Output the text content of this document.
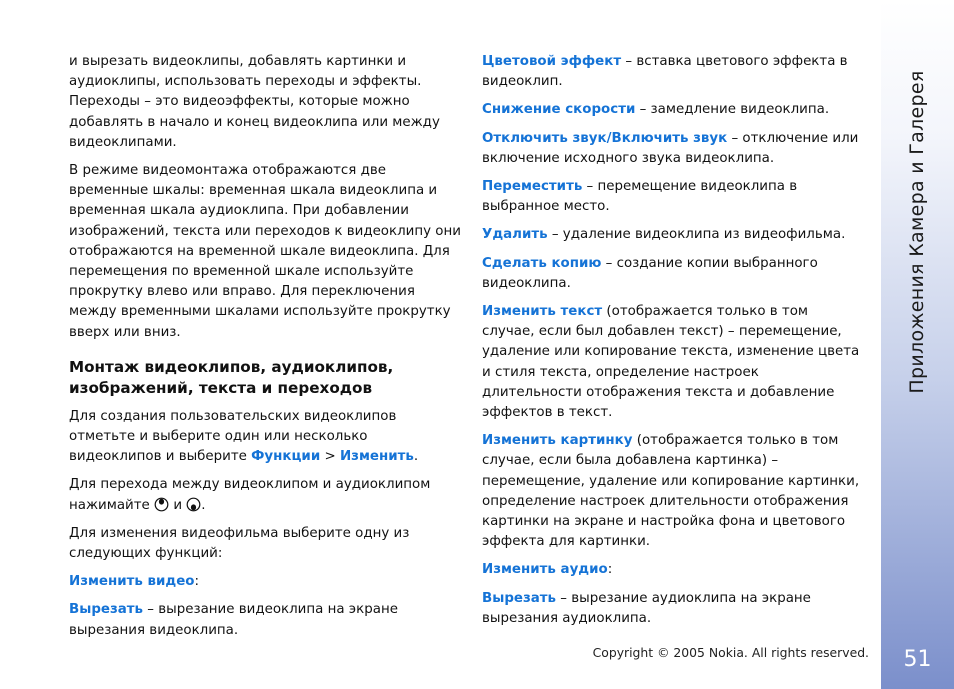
и вырезать видеоклипы, добавлять картинки и аудиоклипы, использовать переходы и эффекты. Переходы – это видеоэффекты, которые можно добавлять в начало и конец видеоклипа или между видеоклипами.

В режиме видеомонтажа отображаются две временные шкалы: временная шкала видеоклипа и временная шкала аудиоклипа. При добавлении изображений, текста или переходов к видеоклипу они отображаются на временной шкале видеоклипа. Для перемещения по временной шкале используйте прокрутку влево или вправо. Для переключения между временными шкалами используйте прокрутку вверх или вниз.

Монтаж видеоклипов, аудиоклипов, изображений, текста и переходов

Для создания пользовательских видеоклипов отметьте и выберите один или несколько видеоклипов и выберите Функции > Изменить.

Для перехода между видеоклипом и аудиоклипом нажимайте и .

Для изменения видеофильма выберите одну из следующих функций:

Изменить видео:

Вырезать – вырезание видеоклипа на экране вырезания видеоклипа.

Цветовой эффект – вставка цветового эффекта в видеоклип.

Снижение скорости – замедление видеоклипа.

Отключить звук/Включить звук – отключение или включение исходного звука видеоклипа.

Переместить – перемещение видеоклипа в выбранное место.

Удалить – удаление видеоклипа из видеофильма.

Сделать копию – создание копии выбранного видеоклипа.

Изменить текст (отображается только в том случае, если был добавлен текст) – перемещение, удаление или копирование текста, изменение цвета и стиля текста, определение настроек длительности отображения текста и добавление эффектов в текст.

Изменить картинку (отображается только в том случае, если была добавлена картинка) – перемещение, удаление или копирование картинки, определение настроек длительности отображения картинки на экране и настройка фона и цветового эффекта для картинки.

Изменить аудио:

Вырезать – вырезание аудиоклипа на экране вырезания аудиоклипа.

Приложения Камера и Галерея
51
Copyright © 2005 Nokia. All rights reserved.
